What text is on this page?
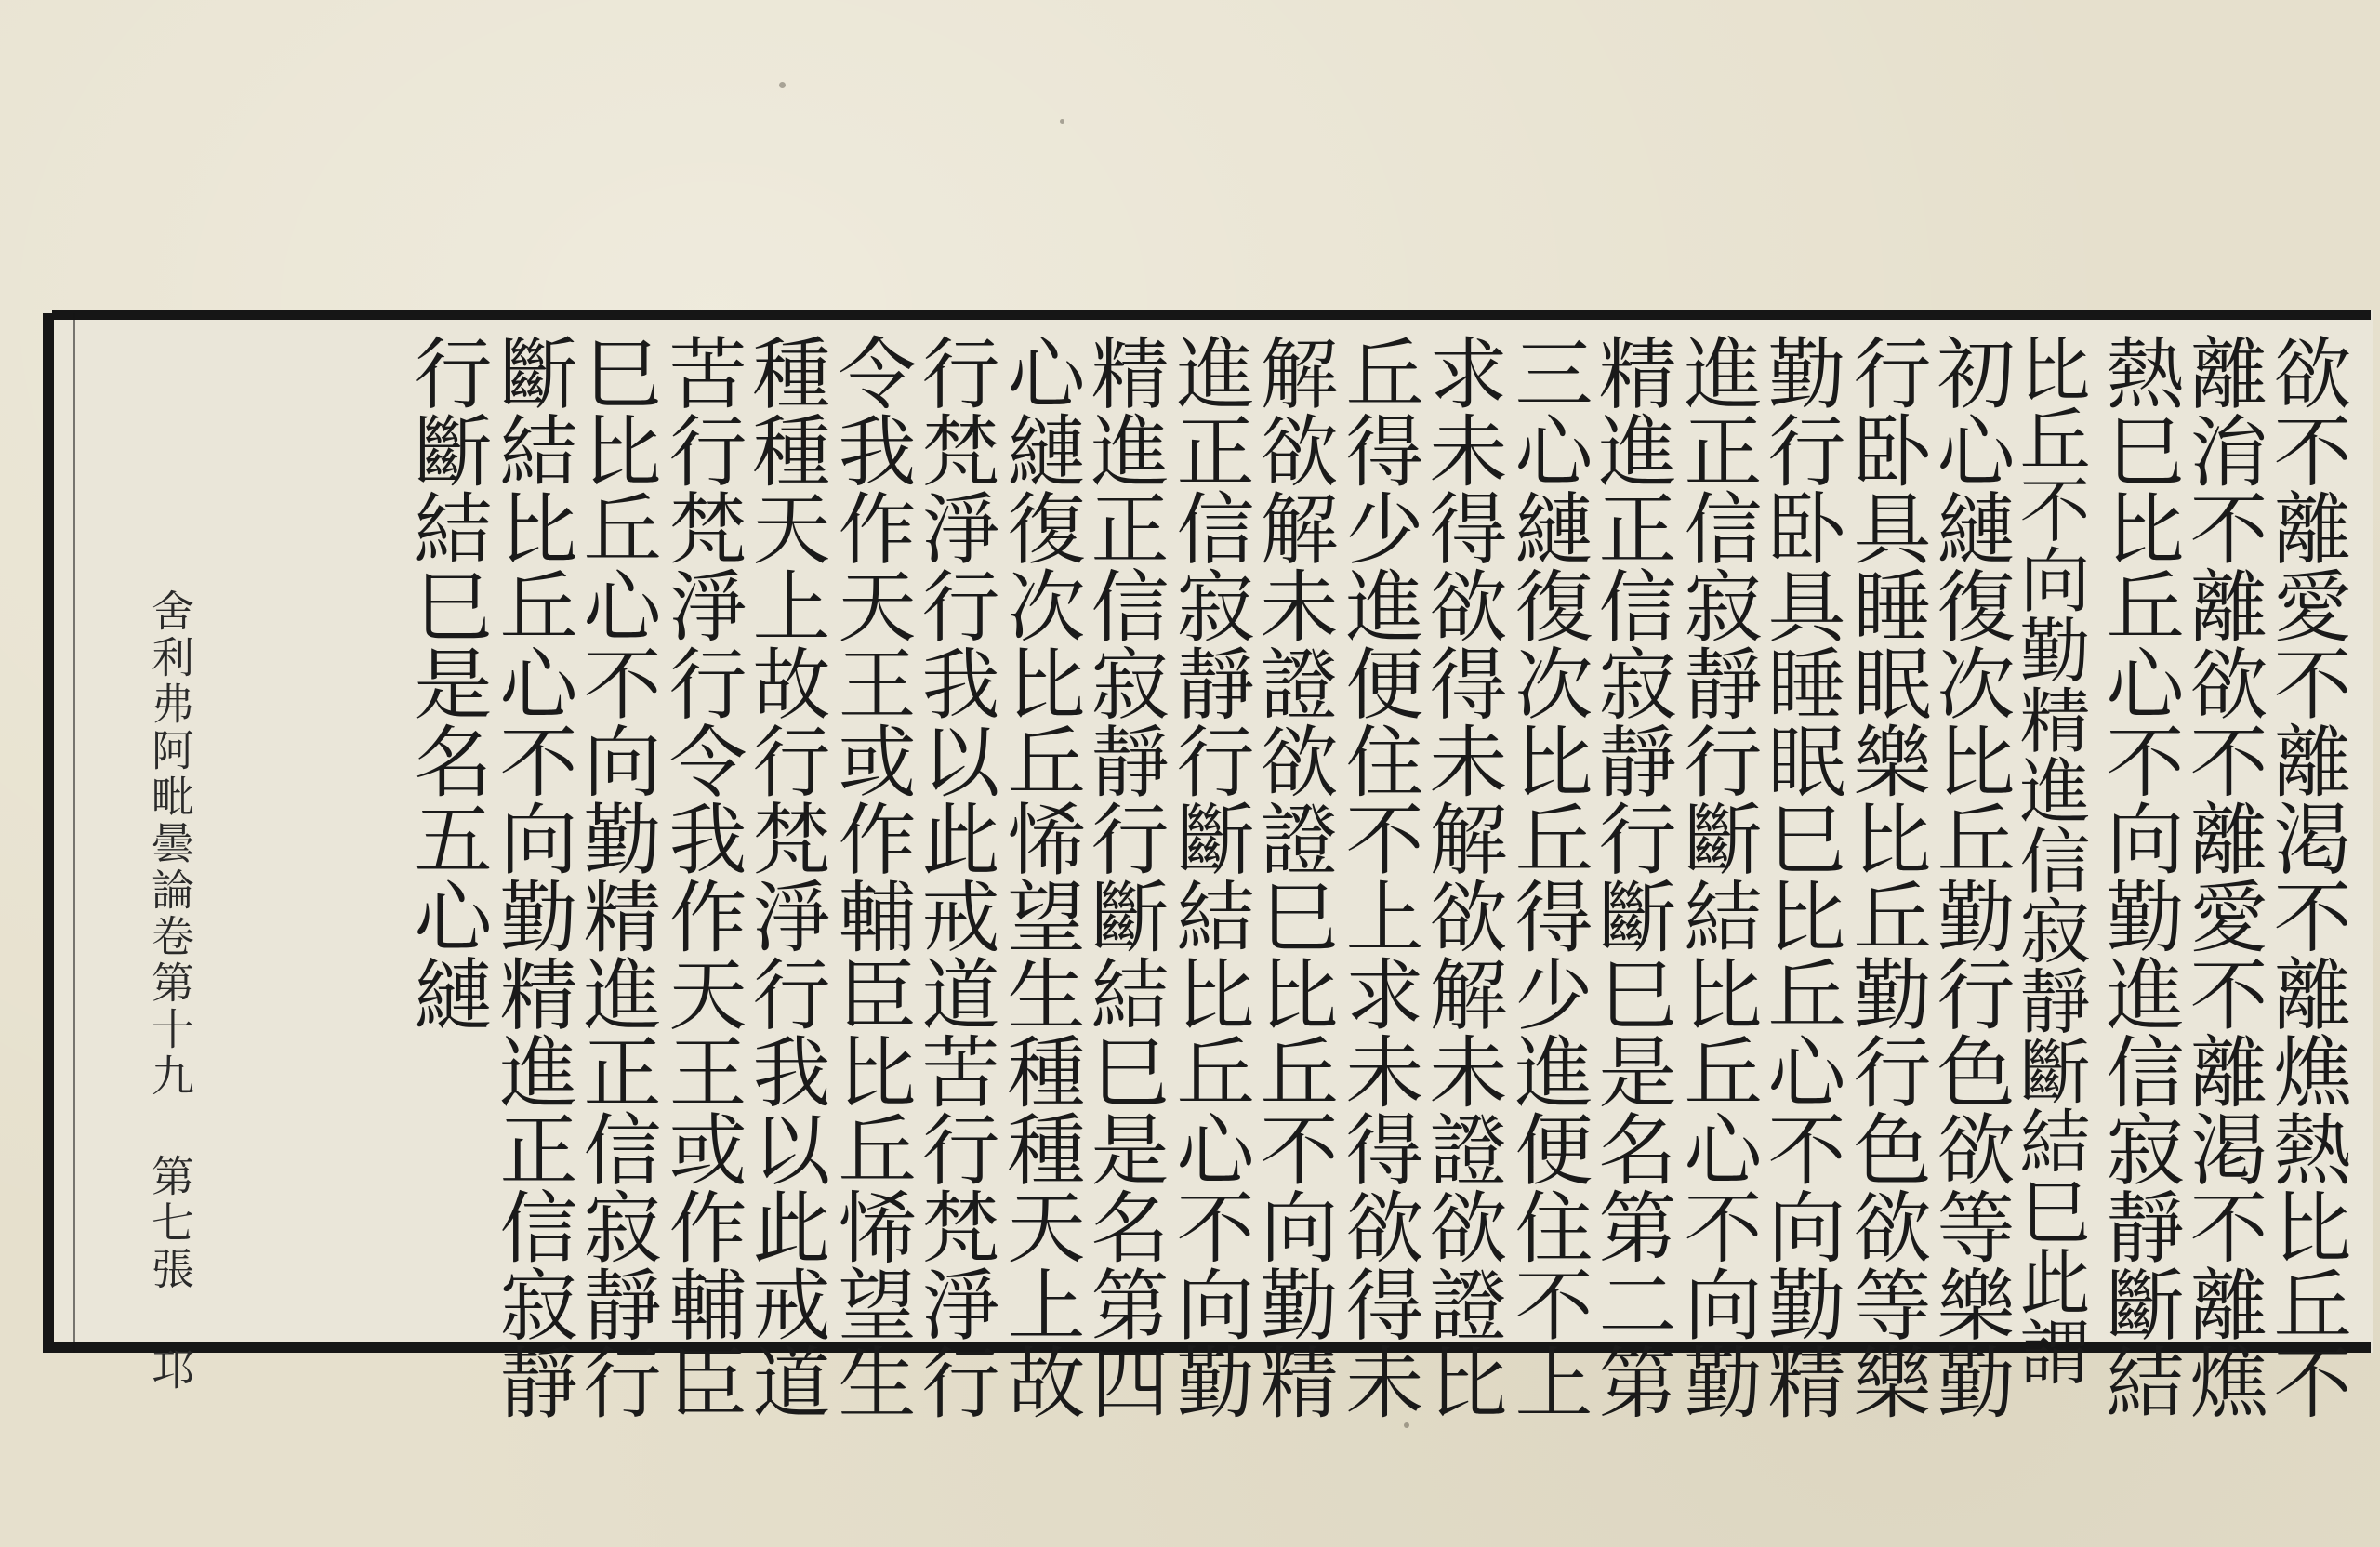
欲不離愛不離渇不離燋熱比丘不
離㳙不離欲不離愛不離渇不離燋
熱巳比丘心不向勤進信寂靜斷結
比丘不向勤精進信寂靜斷結巳此謂
初心縺復次比丘勤行色欲等樂勤
行卧具睡眠樂比丘勤行色欲等樂
勤行卧具睡眠巳比丘心不向勤精
進正信寂靜行斷結比丘心不向勤
精進正信寂靜行斷巳是名第二第
三心縺復次比丘得少進便住不上
求未得欲得未解欲解未證欲證比
丘得少進便住不上求未得欲得未
解欲解未證欲證巳比丘不向勤精
進正信寂靜行斷結比丘心不向勤
精進正信寂靜行斷結巳是名第四
心縺復次比丘悕望生種種天上故
行梵淨行我以此戒道苦行梵淨行
令我作天王或作輔臣比丘悕望生
種種天上故行梵淨行我以此戒道
苦行梵淨行令我作天王或作輔臣
巳比丘心不向勤精進正信寂靜行
斷結比丘心不向勤精進正信寂靜
行斷結巳是名五心縺
舍利弗阿毗曇論卷第十九 第七張 邛
